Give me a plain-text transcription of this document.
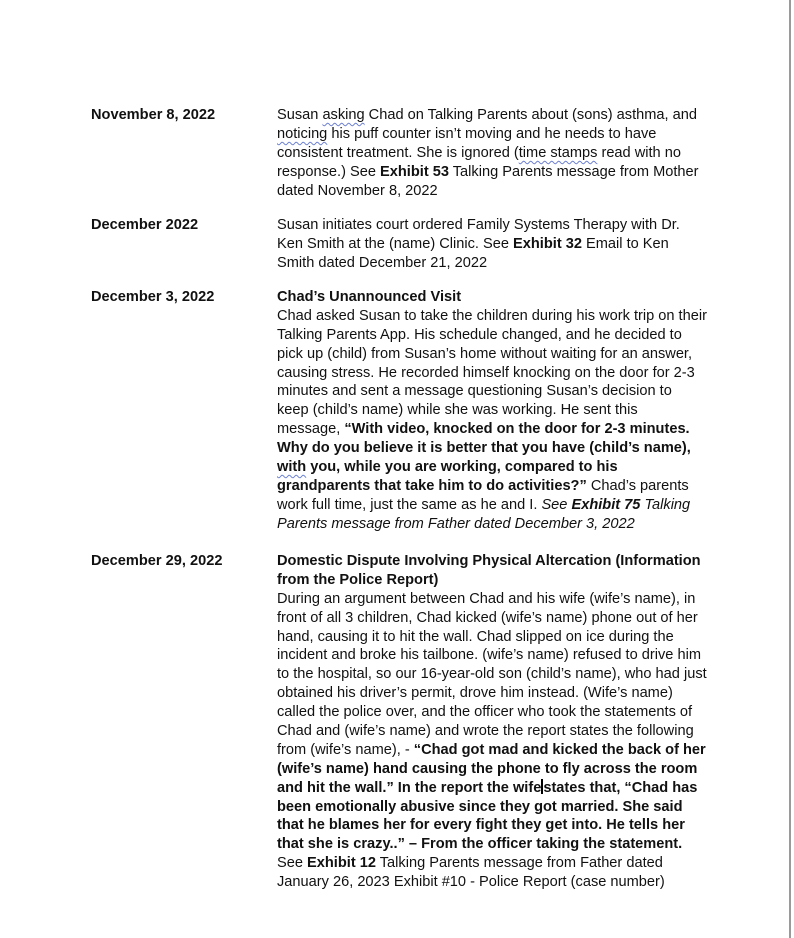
November 8, 2022	Susan asking Chad on Talking Parents about (sons) asthma, and
noticing his puff counter isn’t moving and he needs to have
consistent treatment. She is ignored (time stamps read with no
response.) See Exhibit 53 Talking Parents message from Mother
dated November 8, 2022
December 2022	Susan initiates court ordered Family Systems Therapy with Dr.
Ken Smith at the (name) Clinic. See Exhibit 32 Email to Ken
Smith dated December 21, 2022
December 3, 2022	Chad’s Unannounced Visit
Chad asked Susan to take the children during his work trip on their
Talking Parents App. His schedule changed, and he decided to
pick up (child) from Susan’s home without waiting for an answer,
causing stress. He recorded himself knocking on the door for 2-3
minutes and sent a message questioning Susan’s decision to
keep (child’s name) while she was working. He sent this
message, “With video, knocked on the door for 2-3 minutes.
Why do you believe it is better that you have (child’s name),
with you, while you are working, compared to his
grandparents that take him to do activities?” Chad’s parents
work full time, just the same as he and I. See Exhibit 75 Talking
Parents message from Father dated December 3, 2022
December 29, 2022	Domestic Dispute Involving Physical Altercation (Information
from the Police Report)
During an argument between Chad and his wife (wife’s name), in
front of all 3 children, Chad kicked (wife’s name) phone out of her
hand, causing it to hit the wall. Chad slipped on ice during the
incident and broke his tailbone. (wife’s name) refused to drive him
to the hospital, so our 16-year-old son (child’s name), who had just
obtained his driver’s permit, drove him instead. (Wife’s name)
called the police over, and the officer who took the statements of
Chad and (wife’s name) and wrote the report states the following
from (wife’s name), - “Chad got mad and kicked the back of her
(wife’s name) hand causing the phone to fly across the room
and hit the wall.” In the report the wife states that, “Chad has
been emotionally abusive since they got married. She said
that he blames her for every fight they get into. He tells her
that she is crazy..” – From the officer taking the statement.
See Exhibit 12 Talking Parents message from Father dated
January 26, 2023 Exhibit #10 - Police Report (case number)
